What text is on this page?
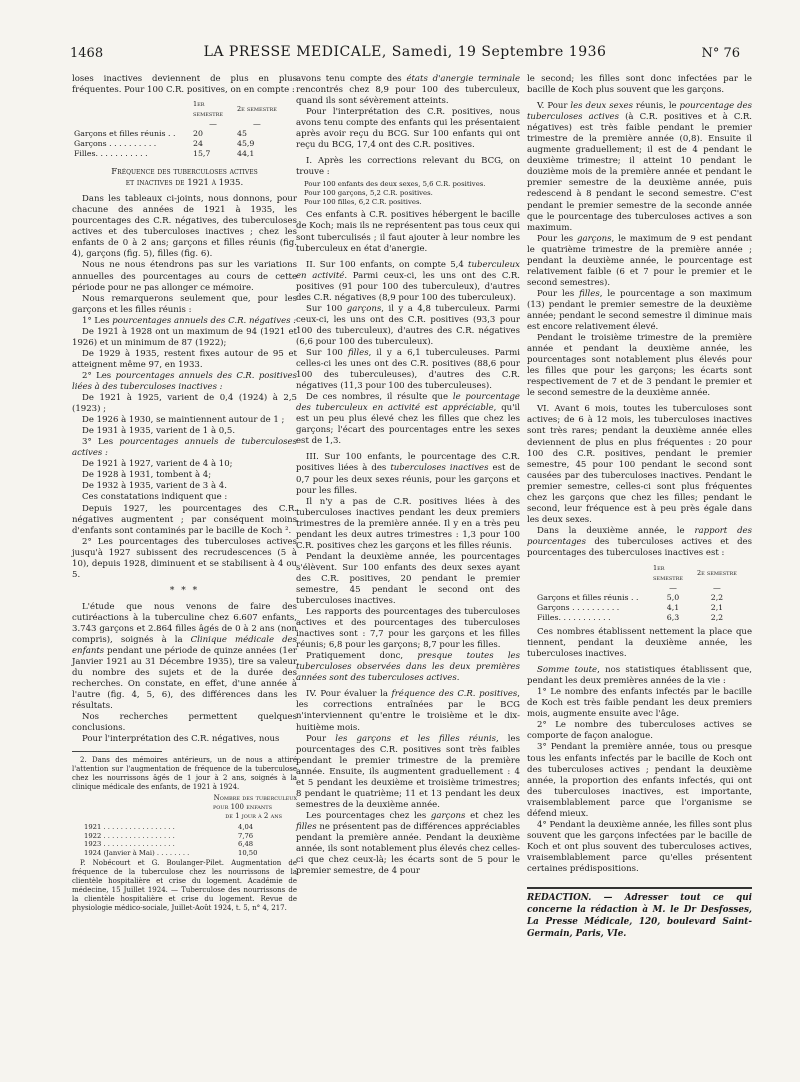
1468	LA PRESSE MEDICALE, Samedi, 19 Septembre 1936	N° 76

loses inactives deviennent de plus en plus fréquentes. Pour 100 C.R. positives, on en compte :

	1er semestre	2e semestre
	—	—
Garçons et filles réunis . .	20	45
Garçons . . . . . . . . . .	24	45,9
Filles. . . . . . . . . . .	15,7	44,1

Fréquence des tuberculoses actives

et inactives de 1921 à 1935.

Dans les tableaux ci-joints, nous donnons, pour chacune des années de 1921 à 1935, les pourcentages des C.R. négatives, des tuberculoses actives et des tuberculoses inactives ; chez les enfants de 0 à 2 ans; garçons et filles réunis (fig. 4), garçons (fig. 5), filles (fig. 6).

Nous ne nous étendrons pas sur les variations annuelles des pourcentages au cours de cette période pour ne pas allonger ce mémoire.

Nous remarquerons seulement que, pour les garçons et les filles réunis :

1° Les pourcentages annuels des C.R. négatives :

De 1921 à 1928 ont un maximum de 94 (1921 et 1926) et un minimum de 87 (1922);

De 1929 à 1935, restent fixes autour de 95 et atteignent même 97, en 1933.

2° Les pourcentages annuels des C.R. positives liées à des tuberculoses inactives :

De 1921 à 1925, varient de 0,4 (1924) à 2,5 (1923) ;

De 1926 à 1930, se maintiennent autour de 1 ;

De 1931 à 1935, varient de 1 à 0,5.

3° Les pourcentages annuels de tuberculoses actives :

De 1921 à 1927, varient de 4 à 10;

De 1928 à 1931, tombent à 4;

De 1932 à 1935, varient de 3 à 4.

Ces constatations indiquent que :

Depuis 1927, les pourcentages des C.R. négatives augmentent ; par conséquent moins d'enfants sont contaminés par le bacille de Koch ².

2° Les pourcentages des tuberculoses actives jusqu'à 1927 subissent des recrudescences (5 à 10), depuis 1928, diminuent et se stabilisent à 4 ou 5.

* * *

L'étude que nous venons de faire des cutiréactions à la tuberculine chez 6.607 enfants, 3.743 garçons et 2.864 filles âgés de 0 à 2 ans (non compris), soignés à la Clinique médicale des enfants pendant une période de quinze années (1er Janvier 1921 au 31 Décembre 1935), tire sa valeur du nombre des sujets et de la durée des recherches. On constate, en effet, d'une année à l'autre (fig. 4, 5, 6), des différences dans les résultats.

Nos recherches permettent quelques conclusions.

Pour l'interprétation des C.R. négatives, nous

2. Dans des mémoires antérieurs, un de nous a attiré l'attention sur l'augmentation de fréquence de la tuberculose chez les nourrissons âgés de 1 jour à 2 ans, soignés à la clinique médicale des enfants, de 1921 à 1924.

Nombre des tuberculeux
pour 100 enfants
de 1 jour à 2 ans
1921 . . . . . . . . . . . . . . . . .	4,04
1922 . . . . . . . . . . . . . . . . .	7,76
1923 . . . . . . . . . . . . . . . . .	6,48
1924 (Janvier à Mai) . . . . . . . .	10,50

P. Nobécourt et G. Boulanger-Pilet. Augmentation de fréquence de la tuberculose chez les nourrissons de la clientèle hospitalière et crise du logement. Académie de médecine, 15 Juillet 1924. — Tuberculose des nourrissons de la clientèle hospitalière et crise du logement. Revue de physiologie médico-sociale, Juillet-Août 1924, t. 5, n° 4, 217.

avons tenu compte des états d'anergie terminale rencontrés chez 8,9 pour 100 des tuberculeux, quand ils sont sévèrement atteints.

Pour l'interprétation des C.R. positives, nous avons tenu compte des enfants qui les présentaient après avoir reçu du BCG. Sur 100 enfants qui ont reçu du BCG, 17,4 ont des C.R. positives.

I. Après les corrections relevant du BCG, on trouve :

Pour 100 enfants des deux sexes, 5,6 C.R. positives.
Pour 100 garçons, 5,2 C.R. positives.
Pour 100 filles, 6,2 C.R. positives.

Ces enfants à C.R. positives hébergent le bacille de Koch; mais ils ne représentent pas tous ceux qui sont tuberculisés ; il faut ajouter à leur nombre les tuberculeux en état d'anergie.

II. Sur 100 enfants, on compte 5,4 tuberculeux en activité. Parmi ceux-ci, les uns ont des C.R. positives (91 pour 100 des tuberculeux), d'autres des C.R. négatives (8,9 pour 100 des tuberculeux).

Sur 100 garçons, il y a 4,8 tuberculeux. Parmi ceux-ci, les uns ont des C.R. positives (93,3 pour 100 des tuberculeux), d'autres des C.R. négatives (6,6 pour 100 des tuberculeux).

Sur 100 filles, il y a 6,1 tuberculeuses. Parmi celles-ci les unes ont des C.R. positives (88,6 pour 100 des tuberculeuses), d'autres des C.R. négatives (11,3 pour 100 des tuberculeuses).

De ces nombres, il résulte que le pourcentage des tuberculeux en activité est appréciable, qu'il est un peu plus élevé chez les filles que chez les garçons; l'écart des pourcentages entre les sexes est de 1,3.

III. Sur 100 enfants, le pourcentage des C.R. positives liées à des tuberculoses inactives est de 0,7 pour les deux sexes réunis, pour les garçons et pour les filles.

Il n'y a pas de C.R. positives liées à des tuberculoses inactives pendant les deux premiers trimestres de la première année. Il y en a très peu pendant les deux autres trimestres : 1,3 pour 100 C.R. positives chez les garçons et les filles réunis.

Pendant la deuxième année, les pourcentages s'élèvent. Sur 100 enfants des deux sexes ayant des C.R. positives, 20 pendant le premier semestre, 45 pendant le second ont des tuberculoses inactives.

Les rapports des pourcentages des tuberculoses actives et des pourcentages des tuberculoses inactives sont : 7,7 pour les garçons et les filles réunis; 6,8 pour les garçons; 8,7 pour les filles.

Pratiquement donc, presque toutes les tuberculoses observées dans les deux premières années sont des tuberculoses actives.

IV. Pour évaluer la fréquence des C.R. positives, les corrections entraînées par le BCG n'interviennent qu'entre le troisième et le dix-huitième mois.

Pour les garçons et les filles réunis, les pourcentages des C.R. positives sont très faibles pendant le premier trimestre de la première année. Ensuite, ils augmentent graduellement : 4 et 5 pendant les deuxième et troisième trimestres; 8 pendant le quatrième; 11 et 13 pendant les deux semestres de la deuxième année.

Les pourcentages chez les garçons et chez les filles ne présentent pas de différences appréciables pendant la première année. Pendant la deuxième année, ils sont notablement plus élevés chez celles-ci que chez ceux-là; les écarts sont de 5 pour le premier semestre, de 4 pour

le second; les filles sont donc infectées par le bacille de Koch plus souvent que les garçons.

V. Pour les deux sexes réunis, le pourcentage des tuberculoses actives (à C.R. positives et à C.R. négatives) est très faible pendant le premier trimestre de la première année (0,8). Ensuite il augmente graduellement; il est de 4 pendant le deuxième trimestre; il atteint 10 pendant le douzième mois de la première année et pendant le premier semestre de la deuxième année, puis redescend à 8 pendant le second semestre. C'est pendant le premier semestre de la seconde année que le pourcentage des tuberculoses actives a son maximum.

Pour les garçons, le maximum de 9 est pendant le quatrième trimestre de la première année ; pendant la deuxième année, le pourcentage est relativement faible (6 et 7 pour le premier et le second semestres).

Pour les filles, le pourcentage a son maximum (13) pendant le premier semestre de la deuxième année; pendant le second semestre il diminue mais est encore relativement élevé.

Pendant le troisième trimestre de la première année et pendant la deuxième année, les pourcentages sont notablement plus élevés pour les filles que pour les garçons; les écarts sont respectivement de 7 et de 3 pendant le premier et le second semestre de la deuxième année.

VI. Avant 6 mois, toutes les tuberculoses sont actives; de 6 à 12 mois, les tuberculoses inactives sont très rares; pendant la deuxième année elles deviennent de plus en plus fréquentes : 20 pour 100 des C.R. positives, pendant le premier semestre, 45 pour 100 pendant le second sont causées par des tuberculoses inactives. Pendant le premier semestre, celles-ci sont plus fréquentes chez les garçons que chez les filles; pendant le second, leur fréquence est à peu près égale dans les deux sexes.

Dans la deuxième année, le rapport des pourcentages des tuberculoses actives et des pourcentages des tuberculoses inactives est :

	1er semestre	2e semestre
	—	—
Garçons et filles réunis . .	5,0	2,2
Garçons . . . . . . . . . .	4,1	2,1
Filles. . . . . . . . . . .	6,3	2,2

Ces nombres établissent nettement la place que tiennent, pendant la deuxième année, les tuberculoses inactives.

Somme toute, nos statistiques établissent que, pendant les deux premières années de la vie :

1° Le nombre des enfants infectés par le bacille de Koch est très faible pendant les deux premiers mois, augmente ensuite avec l'âge.

2° Le nombre des tuberculoses actives se comporte de façon analogue.

3° Pendant la première année, tous ou presque tous les enfants infectés par le bacille de Koch ont des tuberculoses actives ; pendant la deuxième année, la proportion des enfants infectés, qui ont des tuberculoses inactives, est importante, vraisemblablement parce que l'organisme se défend mieux.

4° Pendant la deuxième année, les filles sont plus souvent que les garçons infectées par le bacille de Koch et ont plus souvent des tuberculoses actives, vraisemblablement parce qu'elles présentent certaines prédispositions.

REDACTION. — Adresser tout ce qui concerne la rédaction à M. le Dr Desfosses, La Presse Médicale, 120, boulevard Saint-Germain, Paris, VIe.
